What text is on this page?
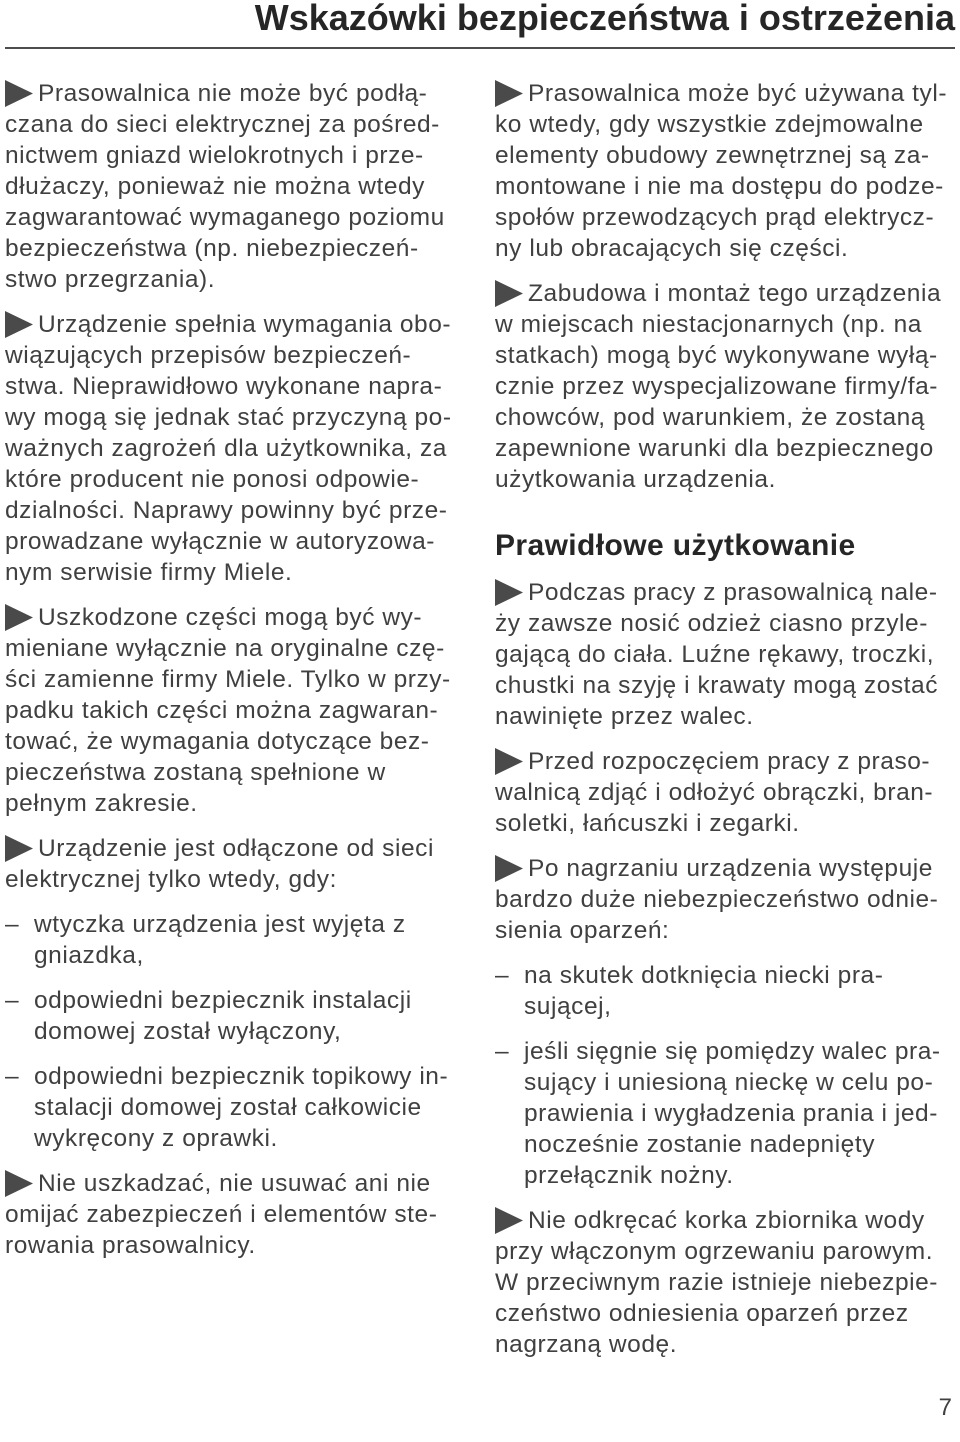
Wskazówki bezpieczeństwa i ostrzeżenia
Prasowalnica nie może być podłą-
czana do sieci elektrycznej za pośred-
nictwem gniazd wielokrotnych i prze-
dłużaczy, ponieważ nie można wtedy
zagwarantować wymaganego poziomu
bezpieczeństwa (np. niebezpieczeń-
stwo przegrzania).
Urządzenie spełnia wymagania obo-
wiązujących przepisów bezpieczeń-
stwa. Nieprawidłowo wykonane napra-
wy mogą się jednak stać przyczyną po-
ważnych zagrożeń dla użytkownika, za
które producent nie ponosi odpowie-
dzialności. Naprawy powinny być prze-
prowadzane wyłącznie w autoryzowa-
nym serwisie firmy Miele.
Uszkodzone części mogą być wy-
mieniane wyłącznie na oryginalne czę-
ści zamienne firmy Miele. Tylko w przy-
padku takich części można zagwaran-
tować, że wymagania dotyczące bez-
pieczeństwa zostaną spełnione w
pełnym zakresie.
Urządzenie jest odłączone od sieci
elektrycznej tylko wtedy, gdy:
– wtyczka urządzenia jest wyjęta z
gniazdka,
– odpowiedni bezpiecznik instalacji
domowej został wyłączony,
– odpowiedni bezpiecznik topikowy in-
stalacji domowej został całkowicie
wykręcony z oprawki.
Nie uszkadzać, nie usuwać ani nie
omijać zabezpieczeń i elementów ste-
rowania prasowalnicy.
Prasowalnica może być używana tyl-
ko wtedy, gdy wszystkie zdejmowalne
elementy obudowy zewnętrznej są za-
montowane i nie ma dostępu do podze-
społów przewodzących prąd elektrycz-
ny lub obracających się części.
Zabudowa i montaż tego urządzenia
w miejscach niestacjonarnych (np. na
statkach) mogą być wykonywane wyłą-
cznie przez wyspecjalizowane firmy/fa-
chowców, pod warunkiem, że zostaną
zapewnione warunki dla bezpiecznego
użytkowania urządzenia.
Prawidłowe użytkowanie
Podczas pracy z prasowalnicą nale-
ży zawsze nosić odzież ciasno przyle-
gającą do ciała. Luźne rękawy, troczki,
chustki na szyję i krawaty mogą zostać
nawinięte przez walec.
Przed rozpoczęciem pracy z praso-
walnicą zdjąć i odłożyć obrączki, bran-
soletki, łańcuszki i zegarki.
Po nagrzaniu urządzenia występuje
bardzo duże niebezpieczeństwo odnie-
sienia oparzeń:
– na skutek dotknięcia niecki pra-
sującej,
– jeśli sięgnie się pomiędzy walec pra-
sujący i uniesioną nieckę w celu po-
prawienia i wygładzenia prania i jed-
nocześnie zostanie nadepnięty
przełącznik nożny.
Nie odkręcać korka zbiornika wody
przy włączonym ogrzewaniu parowym.
W przeciwnym razie istnieje niebezpie-
czeństwo odniesienia oparzeń przez
nagrzaną wodę.
7
